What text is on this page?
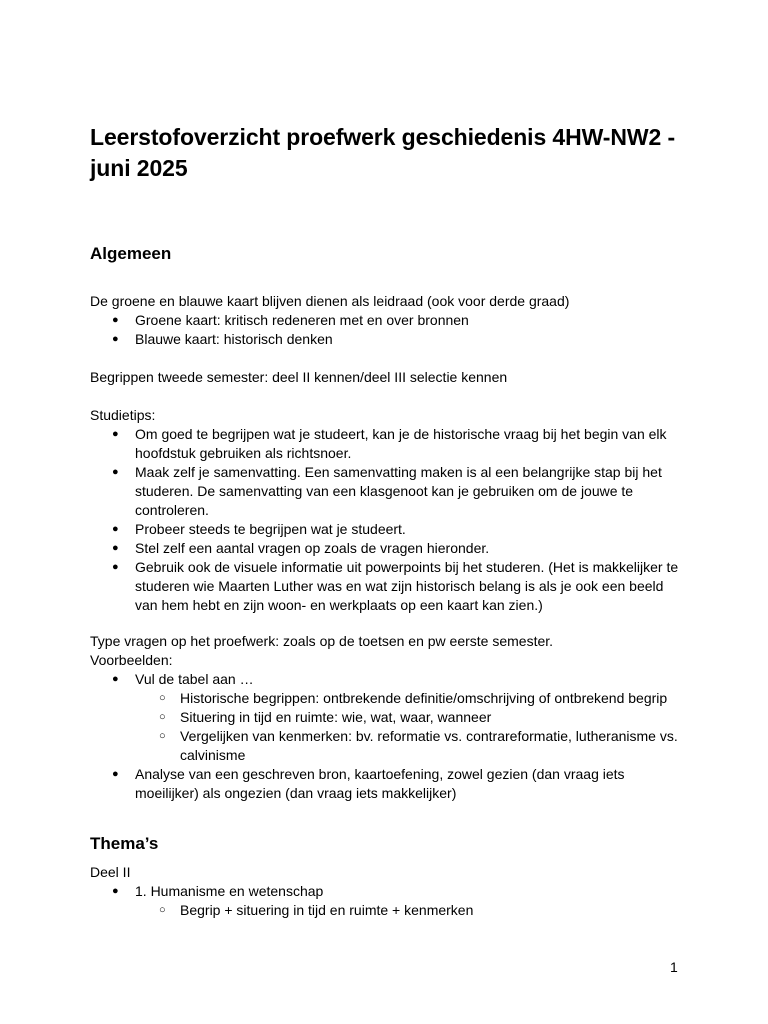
Leerstofoverzicht proefwerk geschiedenis 4HW-NW2 - juni 2025
Algemeen

De groene en blauwe kaart blijven dienen als leidraad (ook voor derde graad)

● Groene kaart: kritisch redeneren met en over bronnen
● Blauwe kaart: historisch denken

Begrippen tweede semester: deel II kennen/deel III selectie kennen

Studietips:

● Om goed te begrijpen wat je studeert, kan je de historische vraag bij het begin van elk hoofdstuk gebruiken als richtsnoer.
● Maak zelf je samenvatting. Een samenvatting maken is al een belangrijke stap bij het studeren. De samenvatting van een klasgenoot kan je gebruiken om de jouwe te controleren.
● Probeer steeds te begrijpen wat je studeert.
● Stel zelf een aantal vragen op zoals de vragen hieronder.
● Gebruik ook de visuele informatie uit powerpoints bij het studeren. (Het is makkelijker te studeren wie Maarten Luther was en wat zijn historisch belang is als je ook een beeld van hem hebt en zijn woon- en werkplaats op een kaart kan zien.)

Type vragen op het proefwerk: zoals op de toetsen en pw eerste semester.

Voorbeelden:

● Vul de tabel aan …
○ Historische begrippen: ontbrekende definitie/omschrijving of ontbrekend begrip
○ Situering in tijd en ruimte: wie, wat, waar, wanneer
○ Vergelijken van kenmerken: bv. reformatie vs. contrareformatie, lutheranisme vs. calvinisme
● Analyse van een geschreven bron, kaartoefening, zowel gezien (dan vraag iets moeilijker) als ongezien (dan vraag iets makkelijker)
Thema’s

Deel II

● 1. Humanisme en wetenschap
○ Begrip + situering in tijd en ruimte + kenmerken
1
